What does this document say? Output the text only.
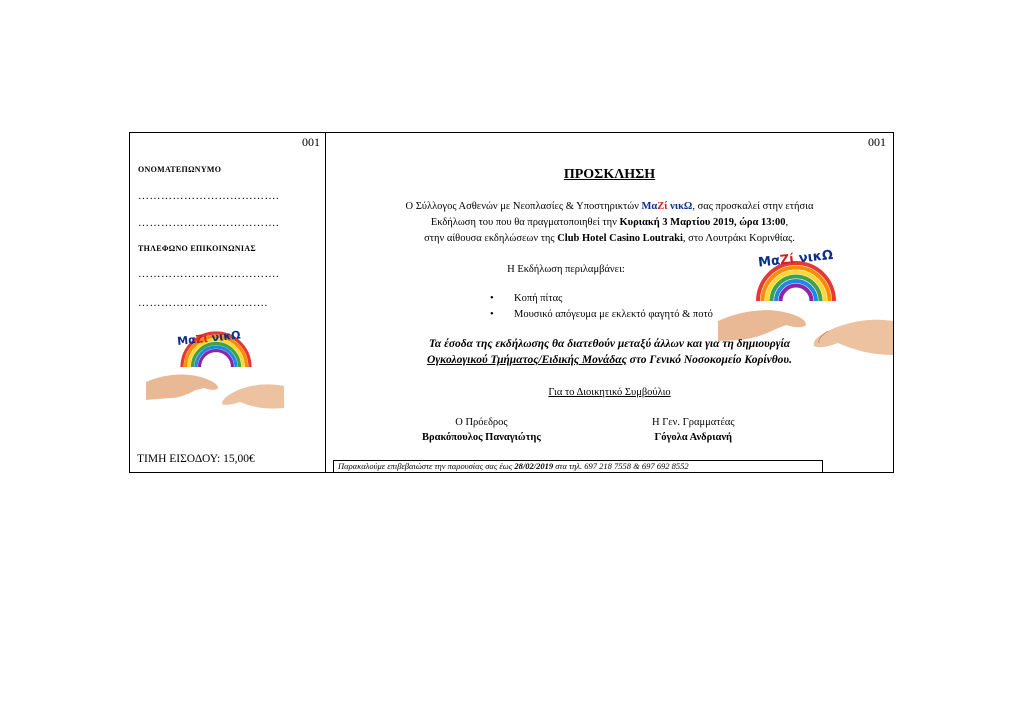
001
ΟΝΟΜΑΤΕΠΩΝΥΜΟ
……………………………….
……………………………….
ΤΗΛΕΦΩΝΟ ΕΠΙΚΟΙΝΩΝΙΑΣ
……………………………….
…………………………….
ΜαΖί νικΩ
ΤΙΜΗ ΕΙΣΟΔΟΥ: 15,00€
001
ΠΡΟΣΚΛΗΣΗ
Ο Σύλλογος Ασθενών με Νεοπλασίες & Υποστηρικτών ΜαΖί νικΩ, σας προσκαλεί στην ετήσια
Εκδήλωση του που θα πραγματοποιηθεί την Κυριακή 3 Μαρτίου 2019, ώρα 13:00,
στην αίθουσα εκδηλώσεων της Club Hotel Casino Loutraki, στο Λουτράκι Κορινθίας.
Η Εκδήλωση περιλαμβάνει:	ΜαΖί νικΩ
• Κοπή πίτας
• Μουσικό απόγευμα με εκλεκτό φαγητό & ποτό
Τα έσοδα της εκδήλωσης θα διατεθούν μεταξύ άλλων και για τη δημιουργία
Ογκολογικού Τμήματος/Ειδικής Μονάδας στο Γενικό Νοσοκομείο Κορίνθου.
Για το Διοικητικό Συμβούλιο
Ο Πρόεδρος
Βρακόπουλος Παναγιώτης
Η Γεν. Γραμματέας
Γόγολα Ανδριανή
Παρακαλούμε επιβεβαιώστε την παρουσίας σας έως 28/02/2019 στα τηλ. 697 218 7558 & 697 692 8552
